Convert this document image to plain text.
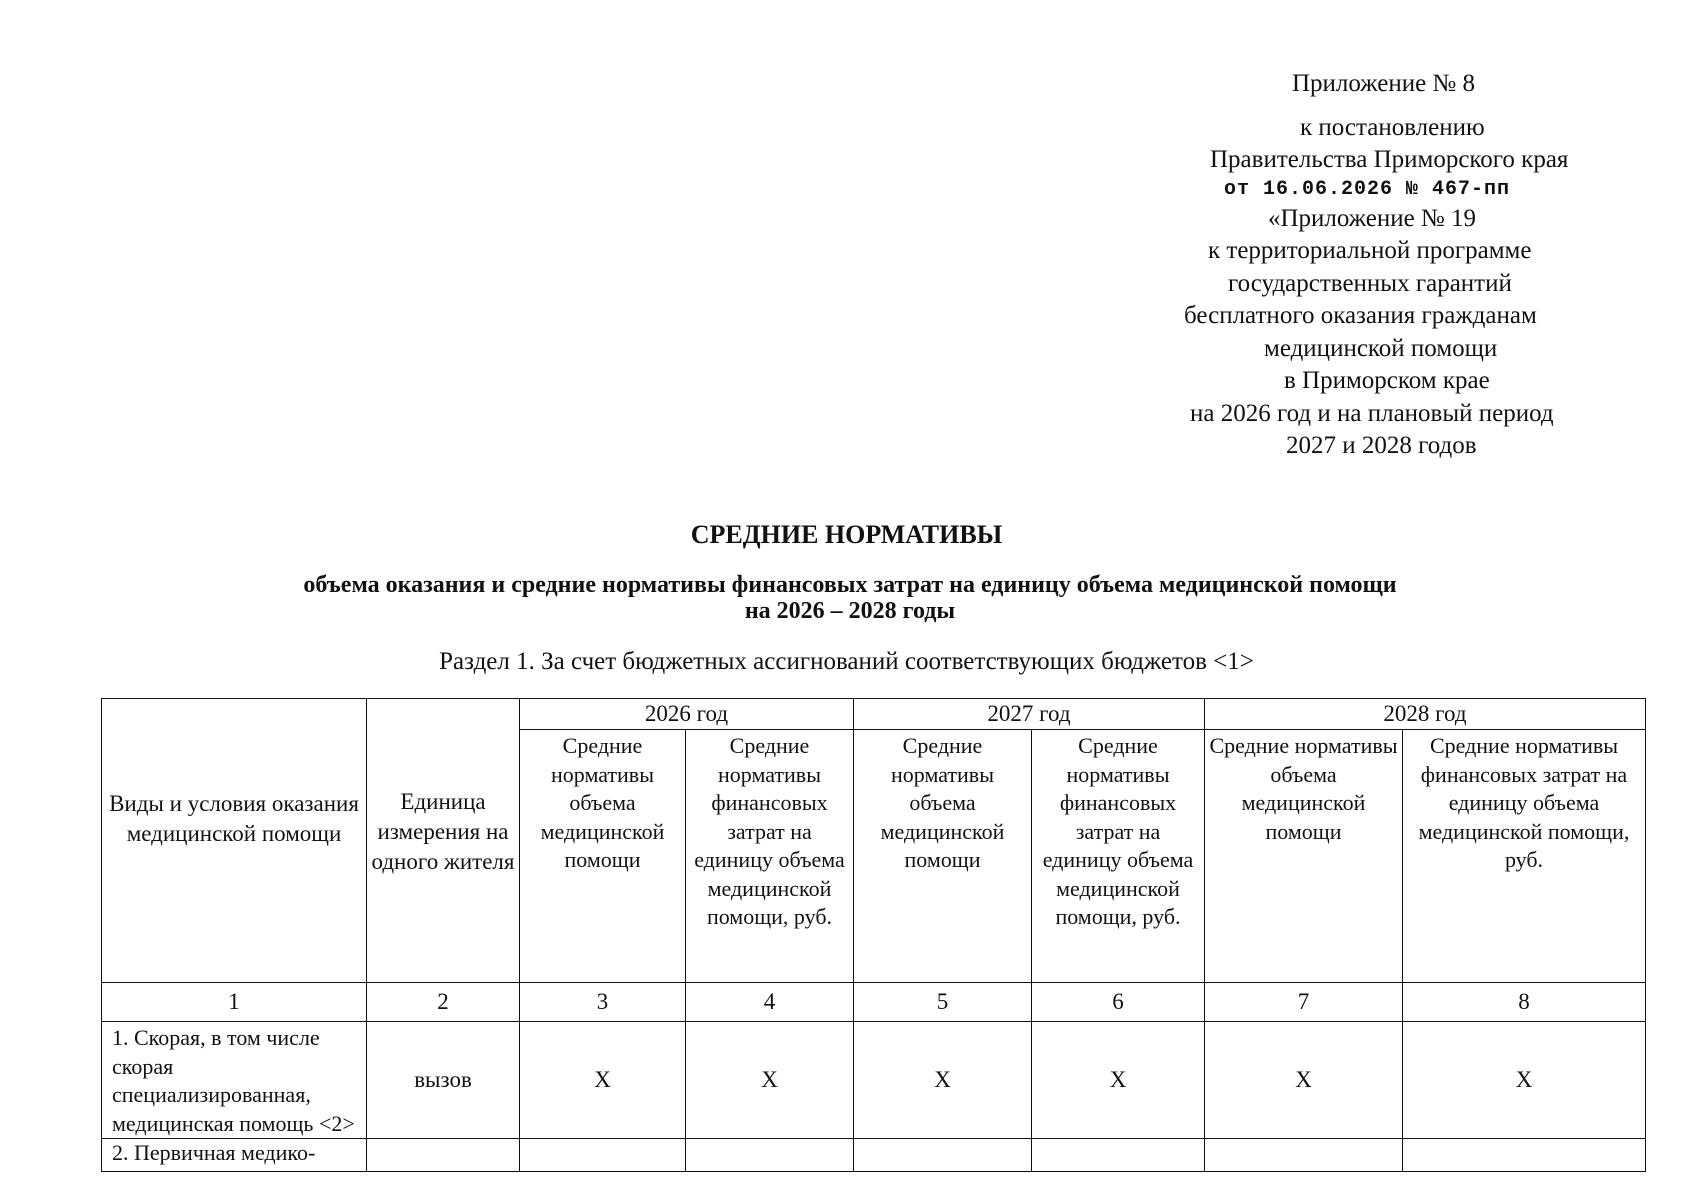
Приложение № 8
к постановлению
Правительства Приморского края
от 16.06.2026 № 467-пп
«Приложение № 19
к территориальной программе
государственных гарантий
бесплатного оказания гражданам
медицинской помощи
в Приморском крае
на 2026 год и на плановый период
2027 и 2028 годов
СРЕДНИЕ НОРМАТИВЫ
объема оказания и средние нормативы финансовых затрат на единицу объема медицинской помощи
на 2026 – 2028 годы
Раздел 1. За счет бюджетных ассигнований соответствующих бюджетов <1>
Виды и условия оказания медицинской помощи	Единица измерения на одного жителя	2026 год		2027 год		2028 год	
		Средние нормативы объема медицинской помощи	Средние нормативы финансовых затрат на единицу объема медицинской помощи, руб.	Средние нормативы объема медицинской помощи	Средние нормативы финансовых затрат на единицу объема медицинской помощи, руб.	Средние нормативы объема медицинской помощи	Средние нормативы финансовых затрат на единицу объема медицинской помощи, руб.
1	2	3	4	5	6	7	8
1. Скорая, в том числе скорая специализированная, медицинская помощь <2>	вызов	Х	Х	Х	Х	Х	Х
2. Первичная медико-							
